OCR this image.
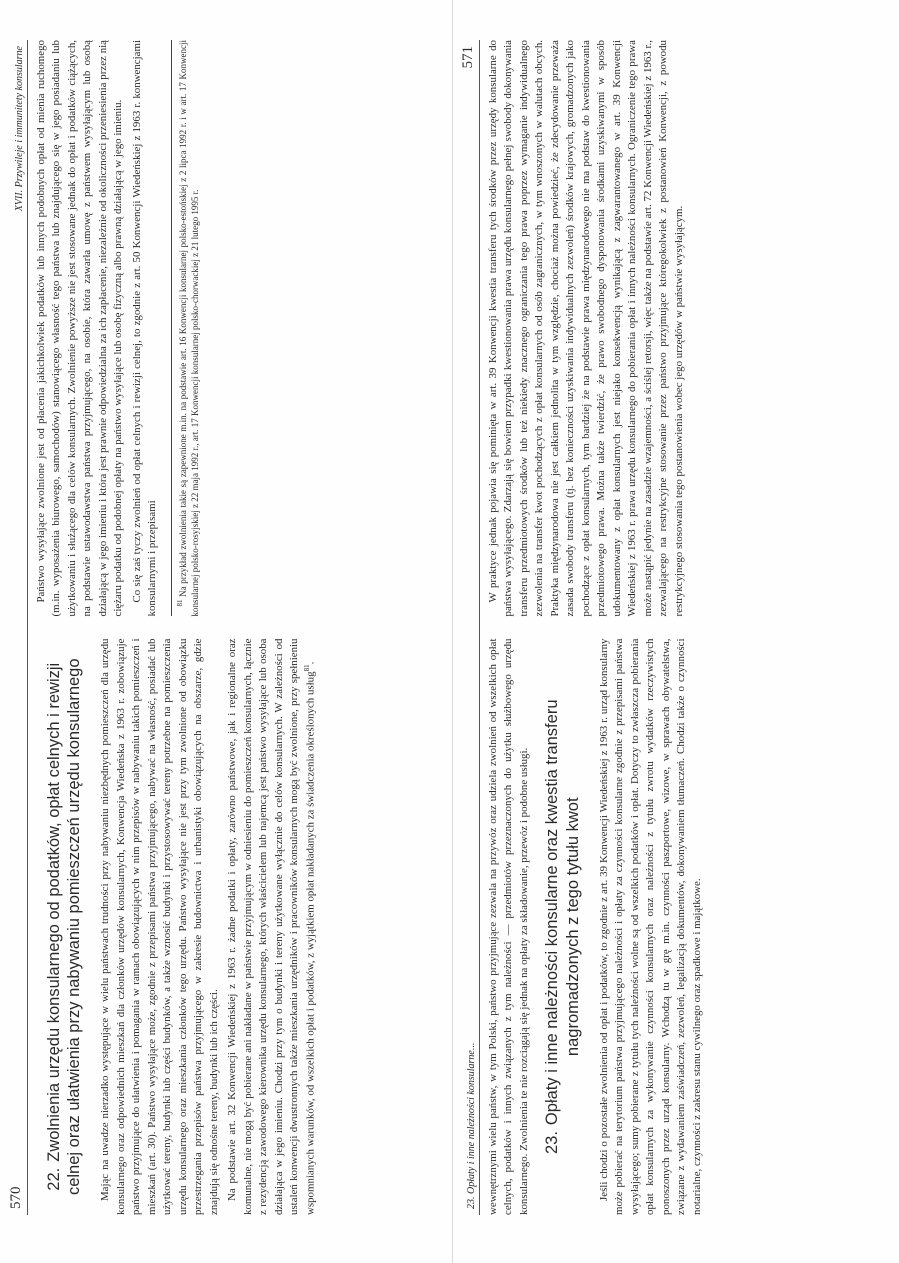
570
XVII. Przywileje i immunitety konsularne
22.Zwolnienia urzędu konsularnego od podatków, opłat celnych i rewizji celnej oraz ułatwienia przy nabywaniu pomieszczeń urzędu konsularnego Mając na uwadze nierzadko występujące w wielu państwach trudności przy nabywaniu niezbędnych pomieszczeń dla urzędu konsularnego oraz odpowiednich mieszkań dla członków urzędów konsularnych, Konwencja Wiedeńska z 1963 r. zobowiązuje państwo przyjmujące do ułatwienia i pomagania w ramach obowiązujących w nim przepisów w nabywaniu takich pomieszczeń i mieszkań (art. 30). Państwo wysyłające może, zgodnie z przepisami państwa przyjmującego, nabywać na własność, posiadać lub użytkować tereny, budynki lub części budynków, a także wznosić budynki i przystosowywać tereny potrzebne na pomieszczenia urzędu konsularnego oraz mieszkania członków tego urzędu. Państwo wysyłające nie jest przy tym zwolnione od obowiązku przestrzegania przepisów państwa przyjmującego w zakresie budownictwa i urbanistyki obowiązujących na obszarze, gdzie znajdują się odnośne tereny, budynki lub ich części. Na podstawie art. 32 Konwencji Wiedeńskiej z 1963 r. żadne podatki i opłaty, zarówno państwowe, jak i regionalne oraz komunalne, nie mogą być pobierane ani nakładane w państwie przyjmującym w odniesieniu do pomieszczeń konsularnych, łącznie z rezydencją zawodowego kierownika urzędu konsularnego, których właścicielem lub najemcą jest państwo wysyłające lub osoba działająca w jego imieniu. Chodzi przy tym o budynki i tereny użytkowane wyłącznie do celów konsularnych. W zależności od ustaleń konwencji dwustronnych także mieszkania urzędników i pracowników konsularnych mogą być zwolnione, przy spełnieniu wspomnianych warunków, od wszelkich opłat i podatków, z wyjątkiem opłat nakładanych za świadczenia określonych usług$^{81}$.

Państwo wysyłające zwolnione jest od płacenia jakichkolwiek podatków lub innych podobnych opłat od mienia ruchomego (m.in. wyposażenia biurowego, samochodów) stanowiącego własność tego państwa lub znajdującego się w jego posiadaniu lub użytkowaniu i służącego dla celów konsularnych. Zwolnienie powyższe nie jest stosowane jednak do opłat i podatków ciążących, na podstawie ustawodawstwa państwa przyjmującego, na osobie, która zawarła umowę z państwem wysyłającym lub osobą działającą w jego imieniu i która jest prawnie odpowiedzialna za ich zapłacenie, niezależnie od okoliczności przeniesienia przez nią ciężaru podatku od podobnej opłaty na państwo wysyłające lub osobę fizyczną albo prawną działającą w jego imieniu. Co się zaś tyczy zwolnień od opłat celnych i rewizji celnej, to zgodnie z art. 50 Konwencji Wiedeńskiej z 1963 r. konwencjami konsularnymi i przepisami	$^{81}$ Na przykład zwolnienia takie są zapewnione m.in. na podstawie art. 16 Konwencji konsularnej polsko-estońskiej z 2 lipca 1992 r. i w art. 17 Konwencji konsularnej polsko-rosyjskiej z 22 maja 1992 r., art. 17 Konwencji konsularnej polsko-chorwackiej z 21 lutego 1995 r.
23. Opłaty i inne należności konsularne...
571

wewnętrznymi wielu państw, w tym Polski, państwo przyjmujące zezwala na przywóz oraz udziela zwolnień od wszelkich opłat celnych, podatków i innych związanych z tym należności — przedmiotów przeznaczonych do użytku służbowego urzędu konsularnego. Zwolnienia te nie rozciągają się jednak na opłaty za składowanie, przewóz i podobne usługi. 23.Opłaty i inne należności konsularne oraz kwestia transferu nagromadzonych z tego tytułu kwot Jeśli chodzi o pozostałe zwolnienia od opłat i podatków, to zgodnie z art. 39 Konwencji Wiedeńskiej z 1963 r. urząd konsularny może pobierać na terytorium państwa przyjmującego należności i opłaty za czynności konsularne zgodnie z przepisami państwa wysyłającego; sumy pobierane z tytułu tych należności wolne są od wszelkich podatków i opłat. Dotyczy to zwłaszcza pobierania opłat konsularnych za wykonywanie czynności konsularnych oraz należności z tytułu zwrotu wydatków rzeczywistych ponoszonych przez urząd konsularny. Wchodzą tu w grę m.in. czynności paszportowe, wizowe, w sprawach obywatelstwa, związane z wydawaniem zaświadczeń, zezwoleń, legalizacją dokumentów, dokonywaniem tłumaczeń. Chodzi także o czynności notarialne, czynności z zakresu stanu cywilnego oraz spadkowe i majątkowe.

W praktyce jednak pojawia się pominięta w art. 39 Konwencji kwestia transferu tych środków przez urzędy konsularne do państwa wysyłającego. Zdarzają się bowiem przypadki kwestionowania prawa urzędu konsularnego pełnej swobody dokonywania transferu przedmiotowych środków lub też niekiedy znacznego ograniczania tego prawa poprzez wymaganie indywidualnego zezwolenia na transfer kwot pochodzących z opłat konsularnych od osób zagranicznych, w tym wnoszonych w walutach obcych. Praktyka międzynarodowa nie jest całkiem jednolita w tym względzie, chociaż można powiedzieć, że zdecydowanie przeważa zasada swobody transferu (tj. bez konieczności uzyskiwania indywidualnych zezwoleń) środków krajowych, gromadzonych jako pochodzące z opłat konsularnych, tym bardziej że na podstawie prawa międzynarodowego nie ma podstaw do kwestionowania przedmiotowego prawa. Można także twierdzić, że prawo swobodnego dysponowania środkami uzyskiwanymi w sposób udokumentowany z opłat konsularnych jest niejako konsekwencją wynikającą z zagwarantowanego w art. 39 Konwencji Wiedeńskiej z 1963 r. prawa urzędu konsularnego do pobierania opłat i innych należności konsularnych. Ograniczenie tego prawa może nastąpić jedynie na zasadzie wzajemności, a ściślej retorsji, więc także na podstawie art. 72 Konwencji Wiedeńskiej z 1963 r., zezwalającego na restrykcyjne stosowanie przez państwo przyjmujące któregokolwiek z postanowień Konwencji, z powodu restrykcyjnego stosowania tego postanowienia wobec jego urzędów w państwie wysyłającym.
